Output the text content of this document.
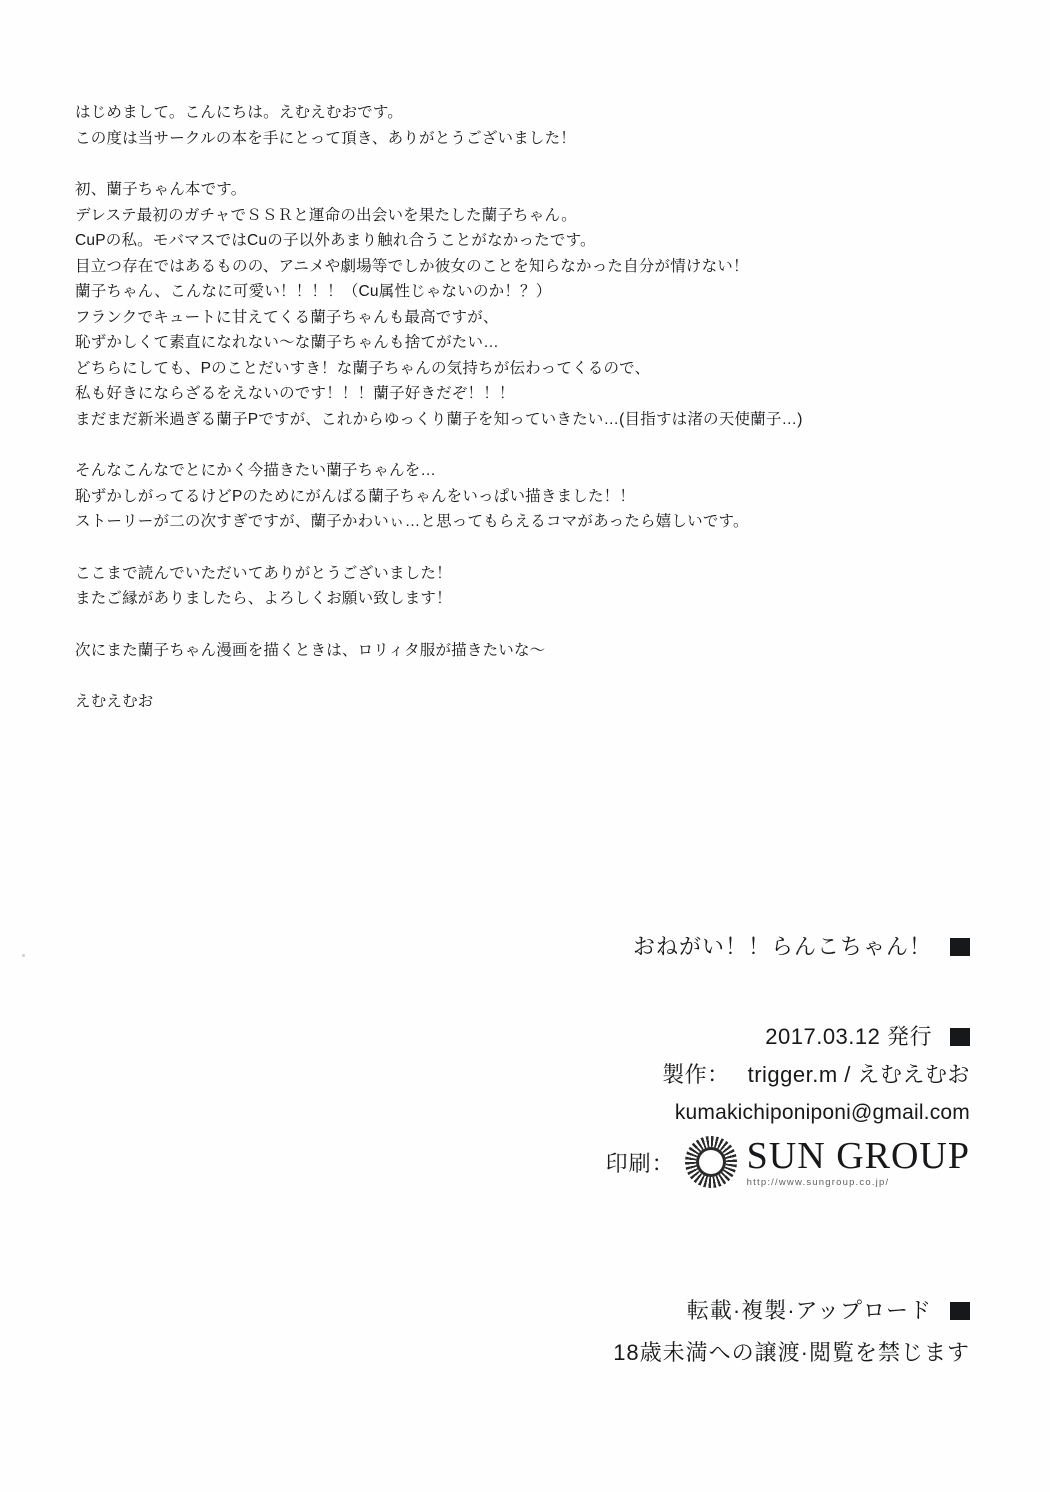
はじめまして。こんにちは。えむえむおです。
この度は当サークルの本を手にとって頂き、ありがとうございました！
初、蘭子ちゃん本です。
デレステ最初のガチャでＳＳＲと運命の出会いを果たした蘭子ちゃん。
CuPの私。モバマスではCuの子以外あまり触れ合うことがなかったです。
目立つ存在ではあるものの、アニメや劇場等でしか彼女のことを知らなかった自分が情けない！
蘭子ちゃん、こんなに可愛い！！！！（Cu属性じゃないのか！？）
フランクでキュートに甘えてくる蘭子ちゃんも最高ですが、
恥ずかしくて素直になれない～な蘭子ちゃんも捨てがたい…
どちらにしても、Pのことだいすき！な蘭子ちゃんの気持ちが伝わってくるので、
私も好きにならざるをえないのです！！！蘭子好きだぞ！！！
まだまだ新米過ぎる蘭子Pですが、これからゆっくり蘭子を知っていきたい…(目指すは渚の天使蘭子…)
そんなこんなでとにかく今描きたい蘭子ちゃんを…
恥ずかしがってるけどPのためにがんばる蘭子ちゃんをいっぱい描きました！！
ストーリーが二の次すぎですが、蘭子かわいぃ…と思ってもらえるコマがあったら嬉しいです。
ここまで読んでいただいてありがとうございました！
またご縁がありましたら、よろしくお願い致します！
次にまた蘭子ちゃん漫画を描くときは、ロリィタ服が描きたいな～
えむえむお
おねがい！！らんこちゃん！
2017.03.12 発行
製作： trigger.m / えむえむお
kumakichiponiponi@gmail.com
印刷： SUN GROUP
http://www.sungroup.co.jp/
転載·複製·アップロード
18歳未満への譲渡·閲覧を禁じます
